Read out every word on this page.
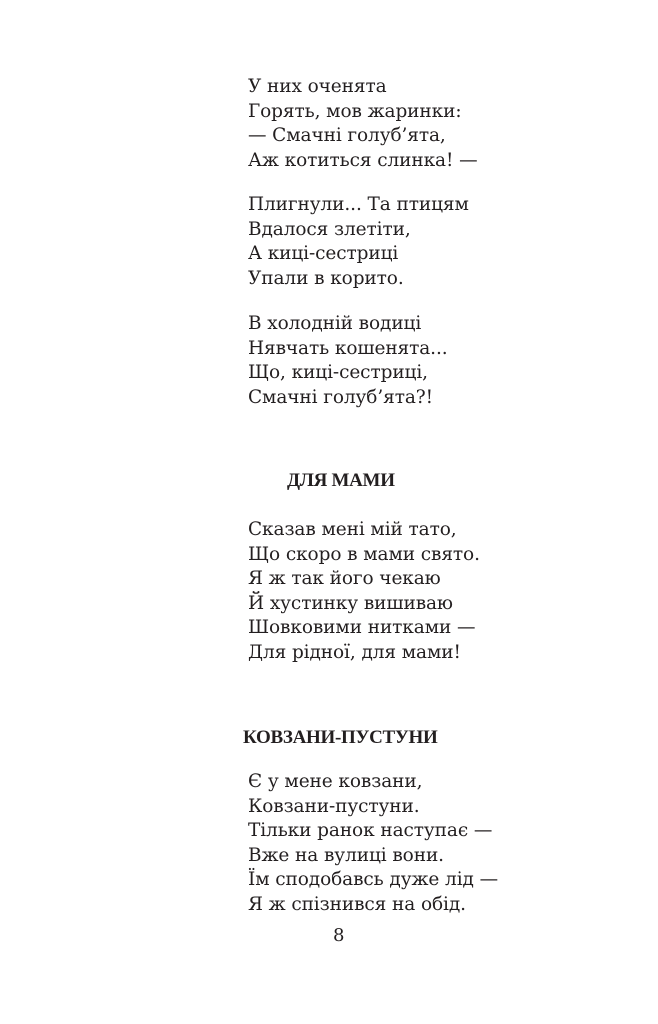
У них оченята
Горять, мов жаринки:
— Смачні голуб’ята,
Аж котиться слинка! —
Плигнули... Та птицям
Вдалося злетіти,
А киці-сестриці
Упали в корито.
В холодній водиці
Нявчать кошенята...
Що, киці-сестриці,
Смачні голуб’ята?!
ДЛЯ МАМИ
Сказав мені мій тато,
Що скоро в мами свято.
Я ж так його чекаю
Й хустинку вишиваю
Шовковими нитками —
Для рідної, для мами!
КОВЗАНИ-ПУСТУНИ
Є у мене ковзани,
Ковзани-пустуни.
Тільки ранок наступає —
Вже на вулиці вони.
Їм сподобавсь дуже лід —
Я ж спізнився на обід.
8
